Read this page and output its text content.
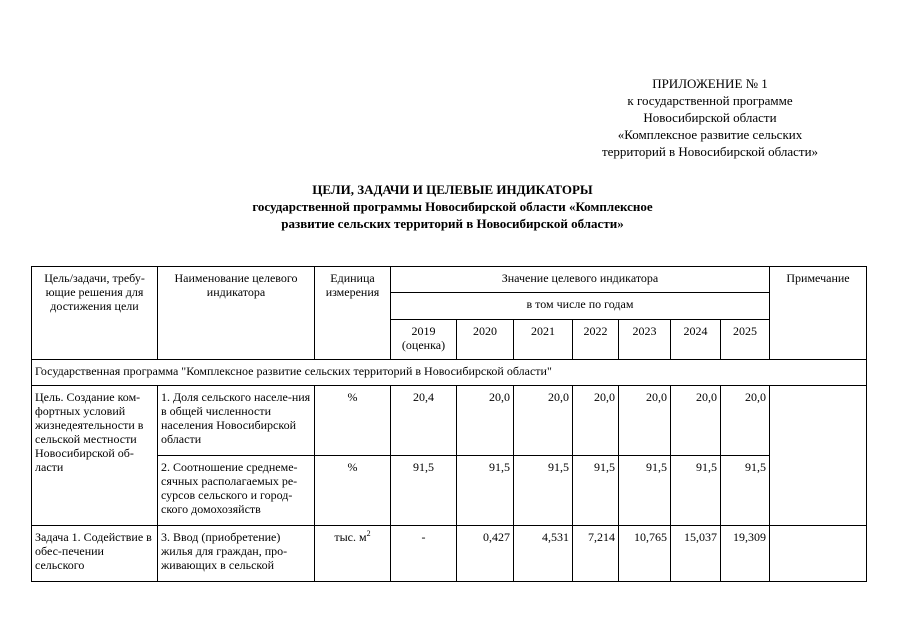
ПРИЛОЖЕНИЕ № 1
к государственной программе
Новосибирской области
«Комплексное развитие сельских
территорий в Новосибирской области»
ЦЕЛИ, ЗАДАЧИ И ЦЕЛЕВЫЕ ИНДИКАТОРЫ
государственной программы Новосибирской области «Комплексное
развитие сельских территорий в Новосибирской области»
Цель/задачи, требу-ющие решения для достижения цели	Наименование целевого индикатора	Единица измерения	Значение целевого индикатора							Примечание
			в том числе по годам							
			2019 (оценка)	2020	2021	2022	2023	2024	2025	
Государственная программа "Комплексное развитие сельских территорий в Новосибирской области"										
Цель. Создание ком-фортных условий жизнедеятельности в сельской местности Новосибирской об-ласти	1. Доля сельского населе-ния в общей численности населения Новосибирской области	%	20,4	20,0	20,0	20,0	20,0	20,0	20,0	
	2. Соотношение среднеме-сячных располагаемых ре-сурсов сельского и город-ского домохозяйств	%	91,5	91,5	91,5	91,5	91,5	91,5	91,5	
Задача 1. Содействие в обес-печении сельского	3. Ввод (приобретение) жилья для граждан, про-живающих в сельской	тыс. $м^2$	-	0,427	4,531	7,214	10,765	15,037	19,309	
